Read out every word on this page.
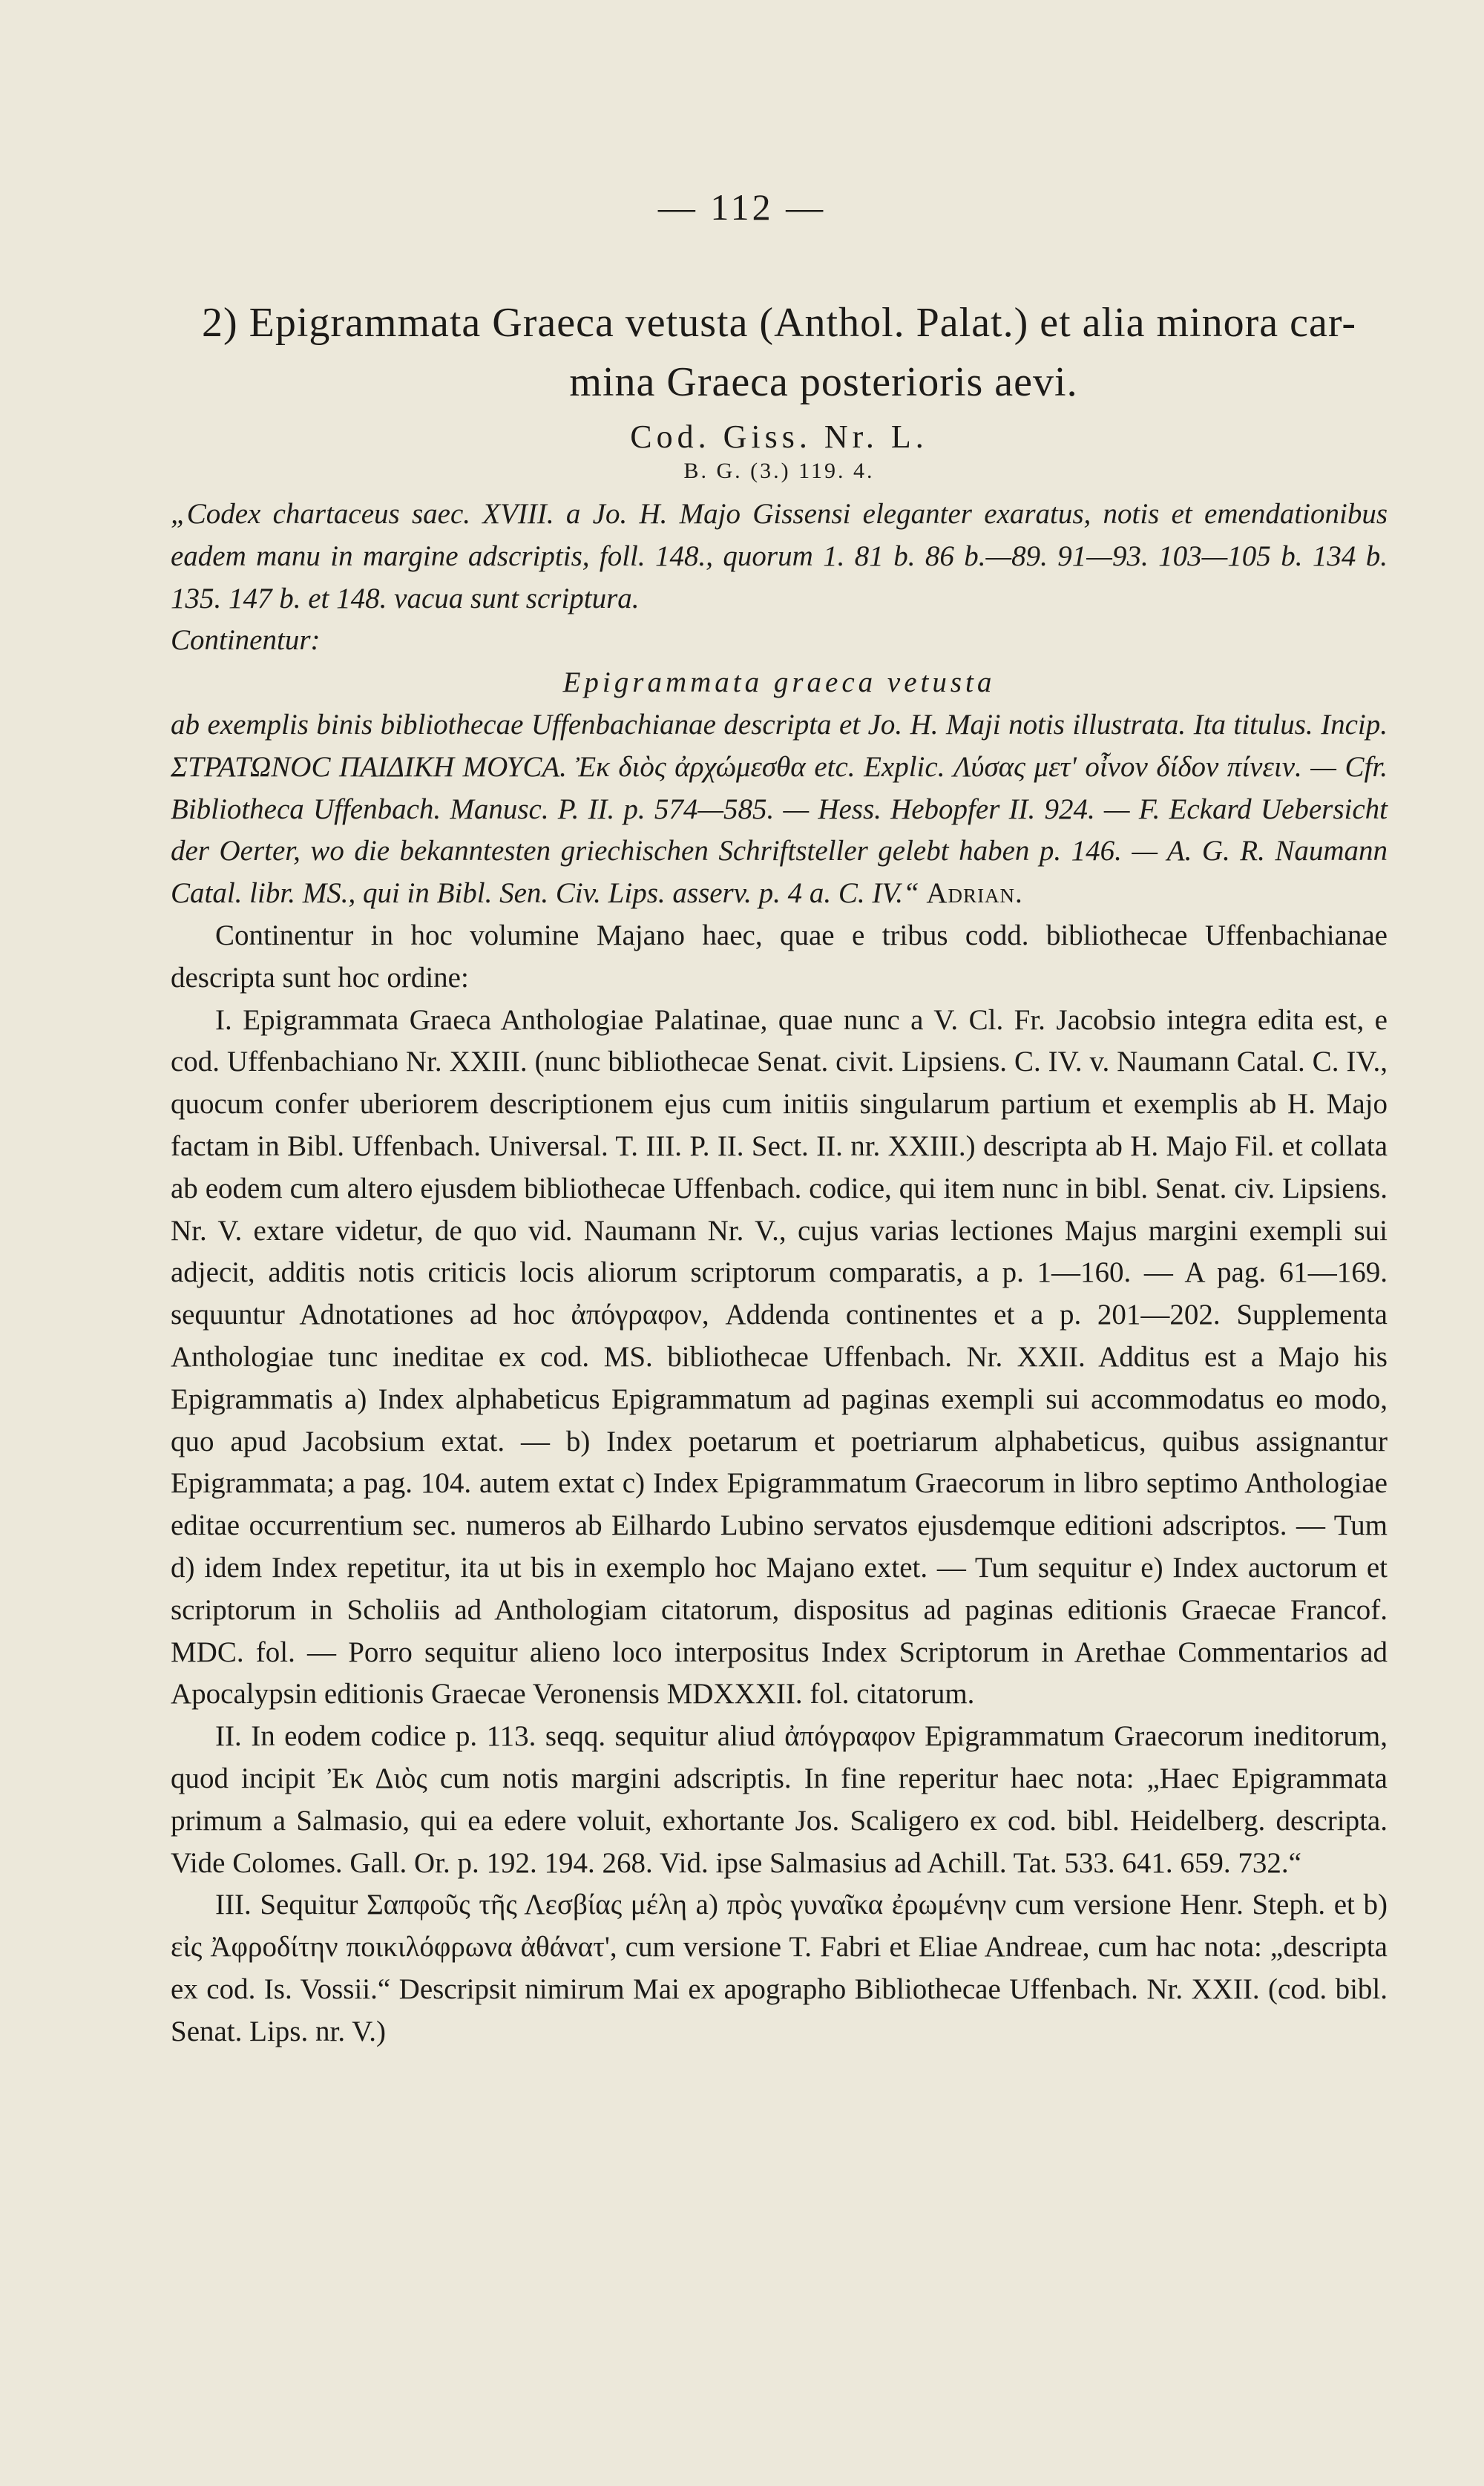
— 112 —
2) Epigrammata Graeca vetusta (Anthol. Palat.) et alia minora car-
mina Graeca posterioris aevi.
Cod. Giss. Nr. L.
B. G. (3.) 119. 4.

„Codex chartaceus saec. XVIII. a Jo. H. Majo Gissensi eleganter exaratus, notis et emendationibus eadem manu in margine adscriptis, foll. 148., quorum 1. 81 b. 86 b.—89. 91—93. 103—105 b. 134 b. 135. 147 b. et 148. vacua sunt scriptura.

Continentur:

Epigrammata graeca vetusta

ab exemplis binis bibliothecae Uffenbachianae descripta et Jo. H. Maji notis illustrata. Ita titulus. Incip. ΣΤΡΑΤΩΝΟC ΠΑΙΔΙΚΗ ΜΟΥCΑ. Ἐκ διὸς ἀρχώμεσθα etc. Explic. Λύσας μετ' οἶνον δίδον πίνειν. — Cfr. Bibliotheca Uffenbach. Manusc. P. II. p. 574—585. — Hess. Hebopfer II. 924. — F. Eckard Uebersicht der Oerter, wo die bekanntesten griechischen Schriftsteller gelebt haben p. 146. — A. G. R. Naumann Catal. libr. MS., qui in Bibl. Sen. Civ. Lips. asserv. p. 4 a. C. IV.“ Adrian.

Continentur in hoc volumine Majano haec, quae e tribus codd. bibliothecae Uffenbachianae descripta sunt hoc ordine:

I. Epigrammata Graeca Anthologiae Palatinae, quae nunc a V. Cl. Fr. Jacobsio integra edita est, e cod. Uffenbachiano Nr. XXIII. (nunc bibliothecae Senat. civit. Lipsiens. C. IV. v. Naumann Catal. C. IV., quocum confer uberiorem descriptionem ejus cum initiis singularum partium et exemplis ab H. Majo factam in Bibl. Uffenbach. Universal. T. III. P. II. Sect. II. nr. XXIII.) descripta ab H. Majo Fil. et collata ab eodem cum altero ejusdem bibliothecae Uffenbach. codice, qui item nunc in bibl. Senat. civ. Lipsiens. Nr. V. extare videtur, de quo vid. Naumann Nr. V., cujus varias lectiones Majus margini exempli sui adjecit, additis notis criticis locis aliorum scriptorum comparatis, a p. 1—160. — A pag. 61—169. sequuntur Adnotationes ad hoc ἀπόγραφον, Addenda continentes et a p. 201—202. Supplementa Anthologiae tunc ineditae ex cod. MS. bibliothecae Uffenbach. Nr. XXII. Additus est a Majo his Epigrammatis a) Index alphabeticus Epigrammatum ad paginas exempli sui accommodatus eo modo, quo apud Jacobsium extat. — b) Index poetarum et poetriarum alphabeticus, quibus assignantur Epigrammata; a pag. 104. autem extat c) Index Epigrammatum Graecorum in libro septimo Anthologiae editae occurrentium sec. numeros ab Eilhardo Lubino servatos ejusdemque editioni adscriptos. — Tum d) idem Index repetitur, ita ut bis in exemplo hoc Majano extet. — Tum sequitur e) Index auctorum et scriptorum in Scholiis ad Anthologiam citatorum, dispositus ad paginas editionis Graecae Francof. MDC. fol. — Porro sequitur alieno loco interpositus Index Scriptorum in Arethae Commentarios ad Apocalypsin editionis Graecae Veronensis MDXXXII. fol. citatorum.

II. In eodem codice p. 113. seqq. sequitur aliud ἀπόγραφον Epigrammatum Graecorum ineditorum, quod incipit Ἐκ Διὸς cum notis margini adscriptis. In fine reperitur haec nota: „Haec Epigrammata primum a Salmasio, qui ea edere voluit, exhortante Jos. Scaligero ex cod. bibl. Heidelberg. descripta. Vide Colomes. Gall. Or. p. 192. 194. 268. Vid. ipse Salmasius ad Achill. Tat. 533. 641. 659. 732.“

III. Sequitur Σαπφοῦς τῆς Λεσβίας μέλη a) πρὸς γυναῖκα ἐρωμένην cum versione Henr. Steph. et b) εἰς Ἀφροδίτην ποικιλόφρωνα ἀθάνατ', cum versione T. Fabri et Eliae Andreae, cum hac nota: „descripta ex cod. Is. Vossii.“ Descripsit nimirum Mai ex apographo Bibliothecae Uffenbach. Nr. XXII. (cod. bibl. Senat. Lips. nr. V.)
